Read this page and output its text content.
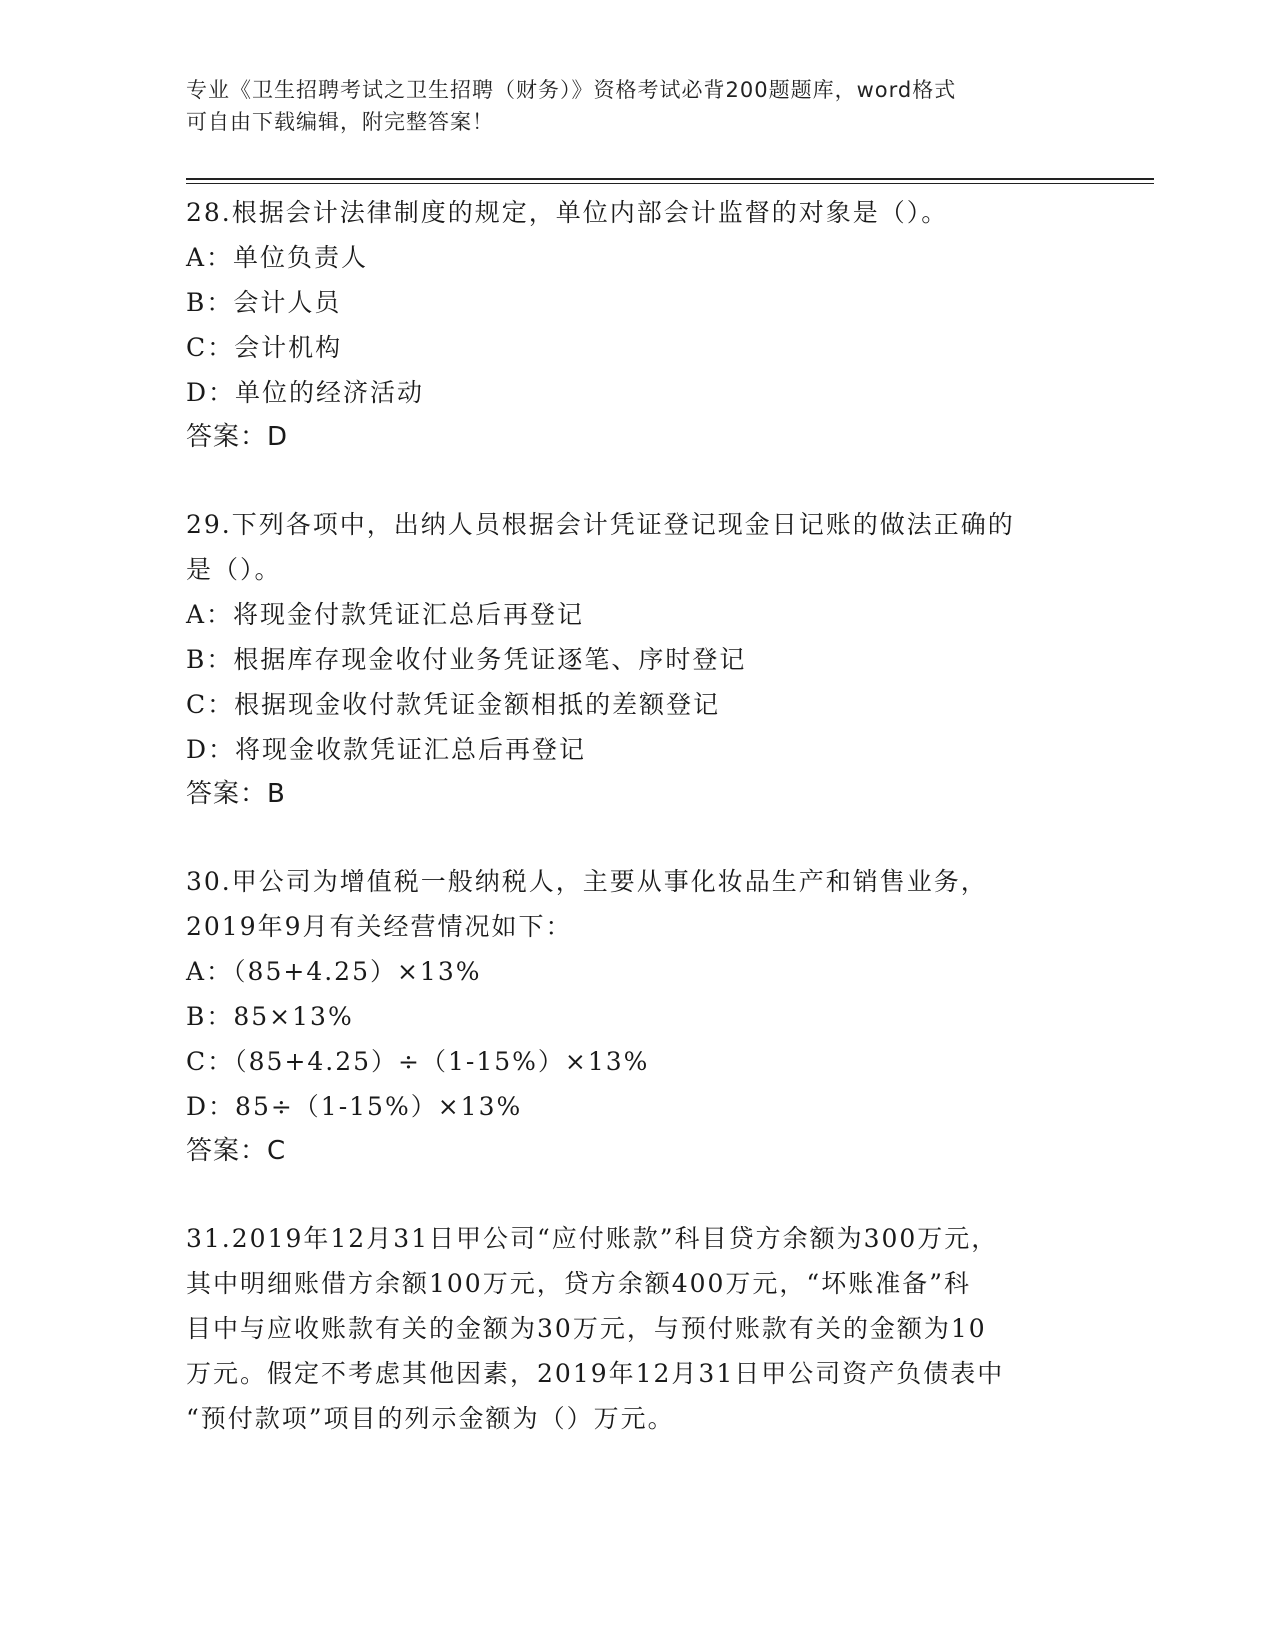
专业《卫生招聘考试之卫生招聘（财务）》资格考试必背200题题库，word格式
可自由下载编辑，附完整答案！
28.根据会计法律制度的规定，单位内部会计监督的对象是（）。
A：单位负责人
B：会计人员
C：会计机构
D：单位的经济活动
答案：D
29.下列各项中，出纳人员根据会计凭证登记现金日记账的做法正确的
是（）。
A：将现金付款凭证汇总后再登记
B：根据库存现金收付业务凭证逐笔、序时登记
C：根据现金收付款凭证金额相抵的差额登记
D：将现金收款凭证汇总后再登记
答案：B
30.甲公司为增值税一般纳税人，主要从事化妆品生产和销售业务，
2019年9月有关经营情况如下：
A：（85+4.25）×13%
B：85×13%
C：（85+4.25）÷（1-15%）×13%
D：85÷（1-15%）×13%
答案：C
31.2019年12月31日甲公司“应付账款”科目贷方余额为300万元，
其中明细账借方余额100万元，贷方余额400万元，“坏账准备”科
目中与应收账款有关的金额为30万元，与预付账款有关的金额为10
万元。假定不考虑其他因素，2019年12月31日甲公司资产负债表中
“预付款项”项目的列示金额为（）万元。
